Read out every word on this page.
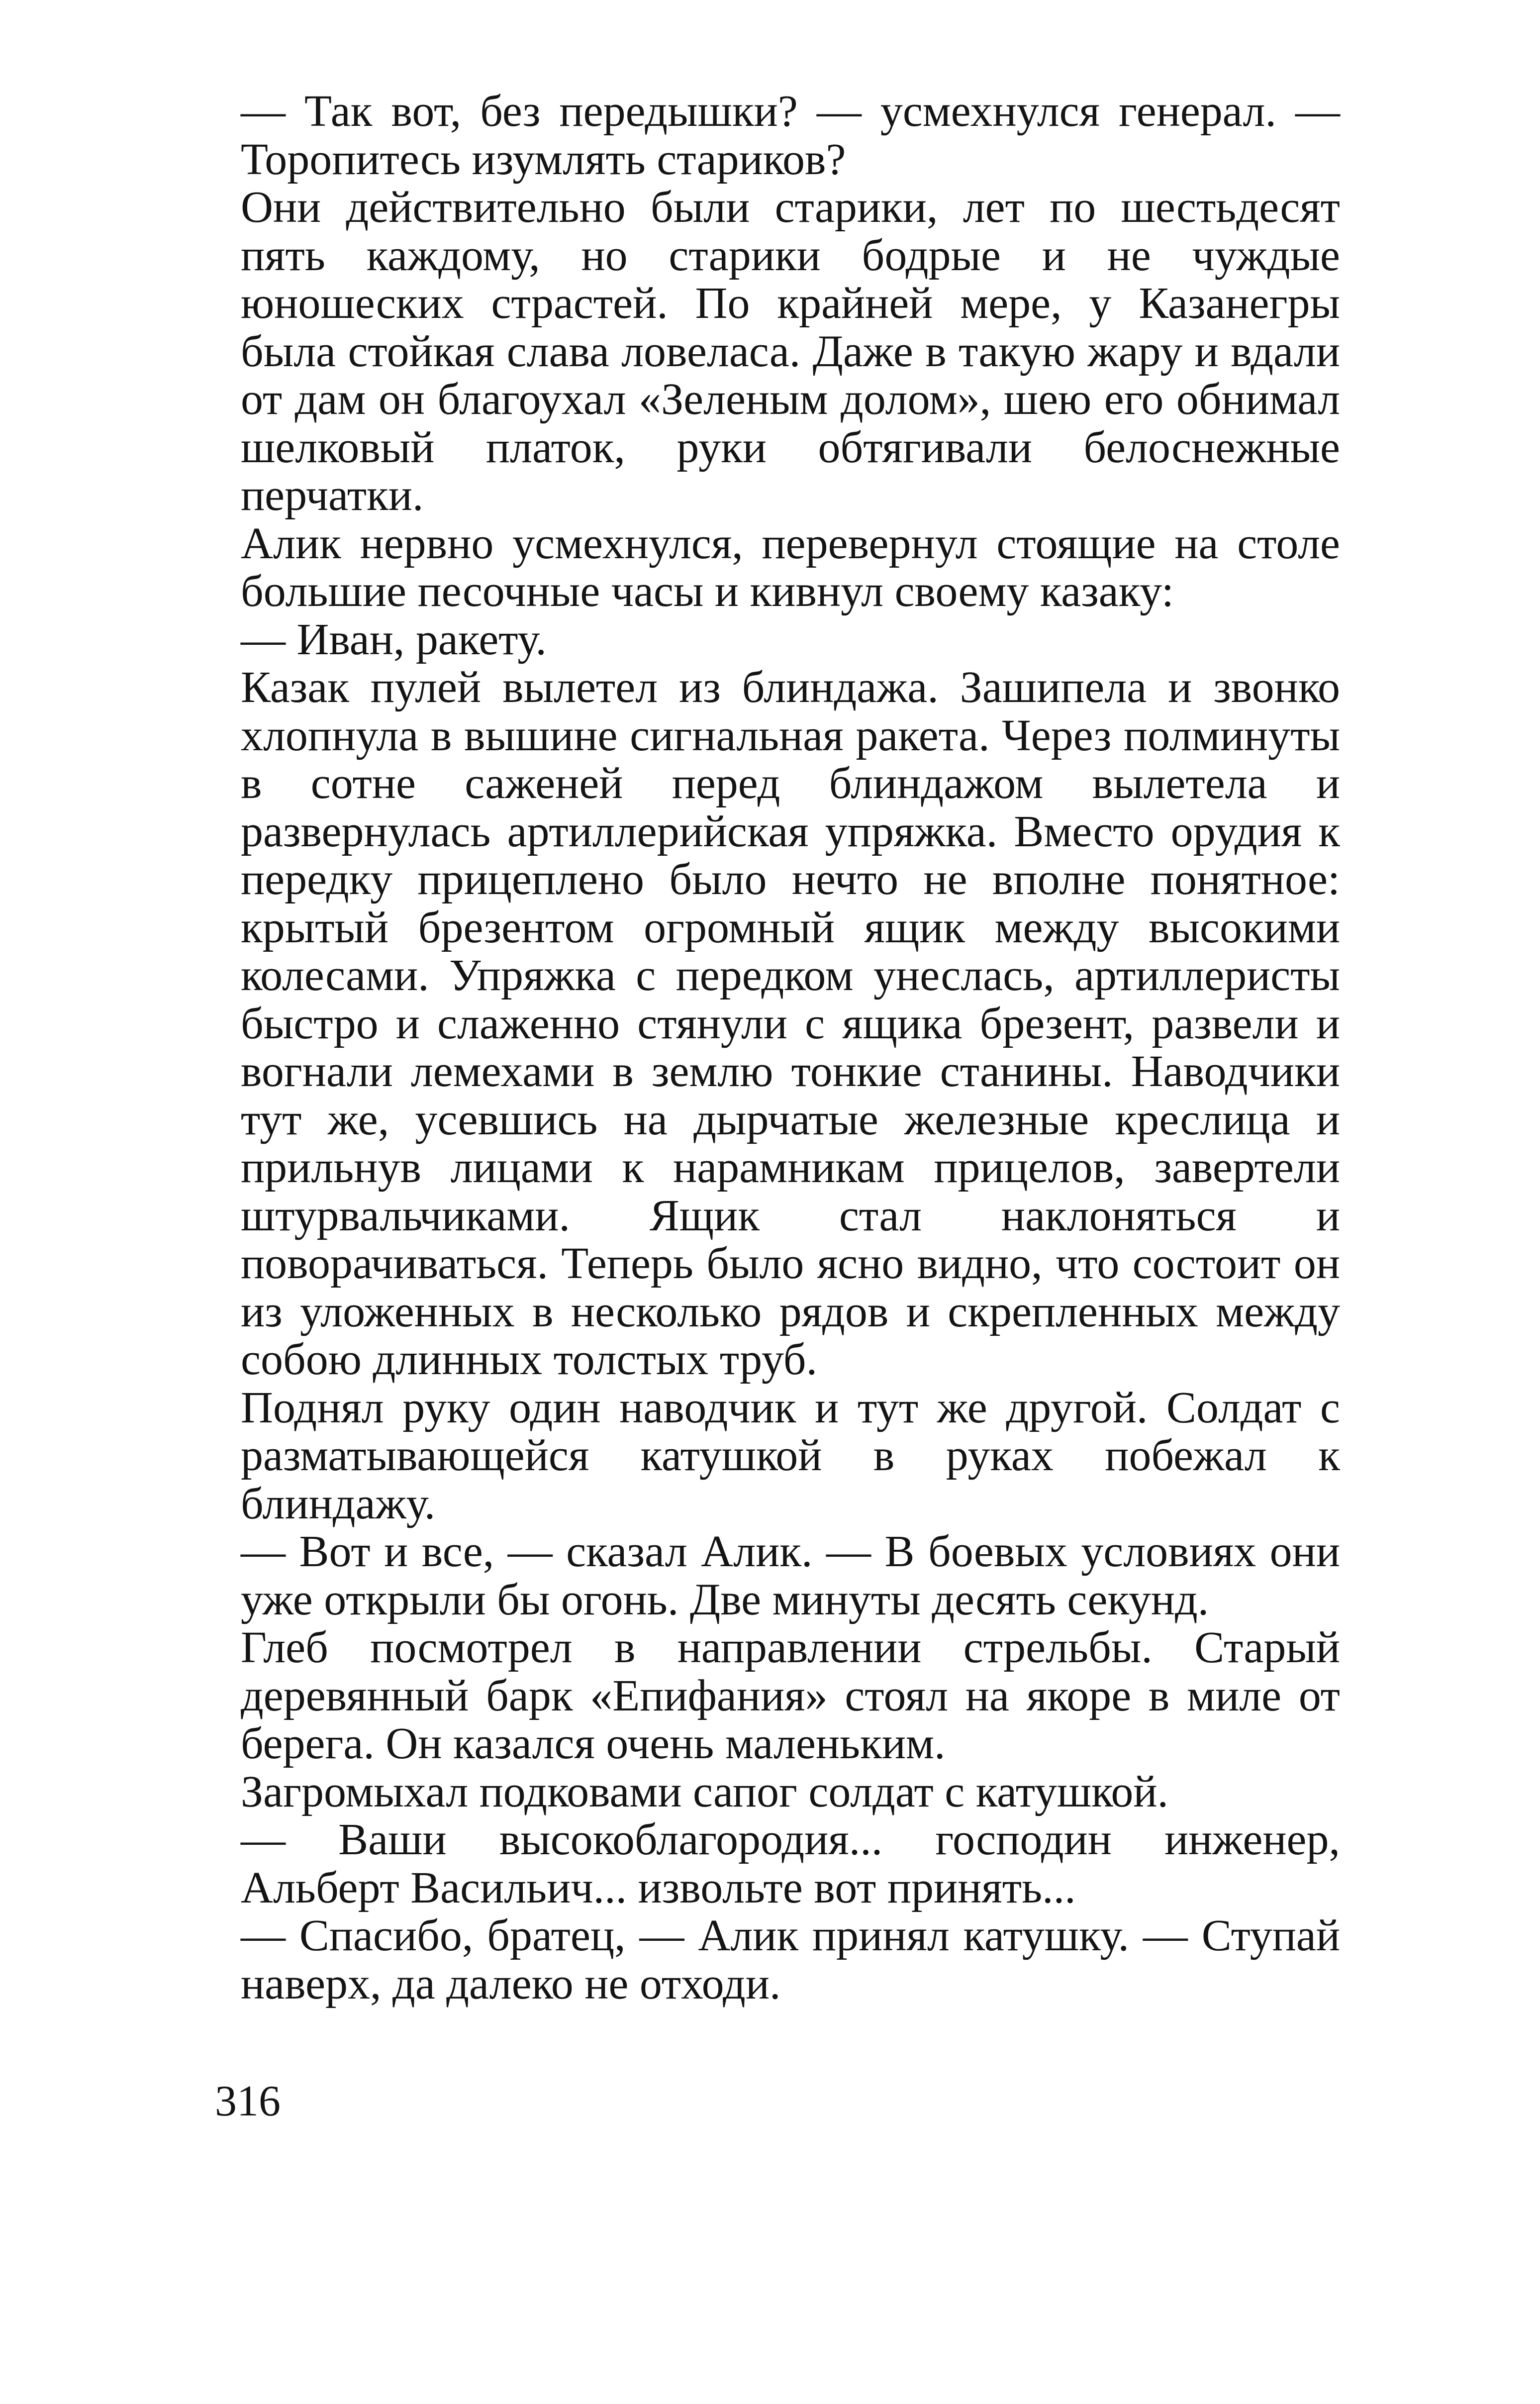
— Так вот, без передышки? — усмехнулся генерал. — Торопитесь изумлять стариков?

Они действительно были старики, лет по шестьдесят пять каждому, но старики бодрые и не чуждые юношеских страстей. По крайней мере, у Казанегры была стойкая слава ловеласа. Даже в такую жару и вдали от дам он благоухал «Зеленым долом», шею его обнимал шелковый платок, руки обтягивали белоснежные перчатки.

Алик нервно усмехнулся, перевернул стоящие на столе большие песочные часы и кивнул своему казаку:

— Иван, ракету.

Казак пулей вылетел из блиндажа. Зашипела и звонко хлопнула в вышине сигнальная ракета. Через полминуты в сотне саженей перед блиндажом вылетела и развернулась артиллерийская упряжка. Вместо орудия к передку прицеплено было нечто не вполне понятное: крытый брезентом огромный ящик между высокими колесами. Упряжка с передком унеслась, артиллеристы быстро и слаженно стянули с ящика брезент, развели и вогнали лемехами в землю тонкие станины. Наводчики тут же, усевшись на дырчатые железные креслица и прильнув лицами к нарамникам прицелов, завертели штурвальчиками. Ящик стал наклоняться и поворачиваться. Теперь было ясно видно, что состоит он из уложенных в несколько рядов и скрепленных между собою длинных толстых труб.

Поднял руку один наводчик и тут же другой. Солдат с разматывающейся катушкой в руках побежал к блиндажу.

— Вот и все, — сказал Алик. — В боевых условиях они уже открыли бы огонь. Две минуты десять секунд.

Глеб посмотрел в направлении стрельбы. Старый деревянный барк «Епифания» стоял на якоре в миле от берега. Он казался очень маленьким.

Загромыхал подковами сапог солдат с катушкой.

— Ваши высокоблагородия... господин инженер, Альберт Васильич... извольте вот принять...

— Спасибо, братец, — Алик принял катушку. — Ступай наверх, да далеко не отходи.

316
